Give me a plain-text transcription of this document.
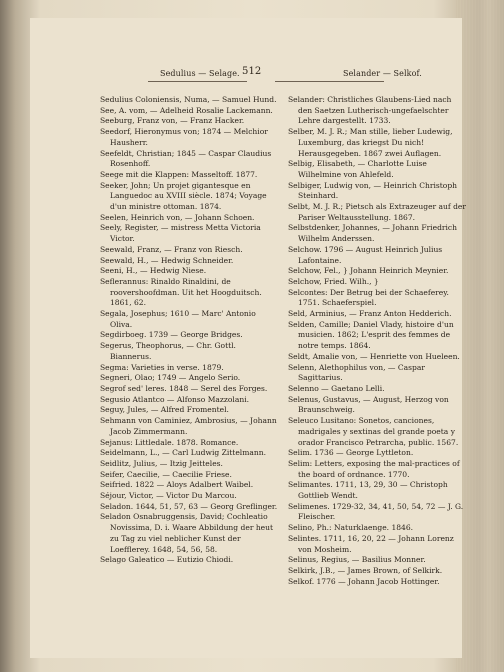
Sedulius — Selage. 512	Selander — Selkof.

Sedulius Coloniensis, Numa, — Samuel Hund.

See, A. vom, — Adelheid Rosalie Lackemann.

Seeburg, Franz von, — Franz Hacker.

Seedorf, Hieronymus von; 1874 — Melchior Hausherr.

Seefeldt, Christian; 1845 — Caspar Claudius Rosenhoff.

Seege mit die Klappen: Masseltoff. 1877.

Seeker, John; Un projet gigantesque en Languedoc au XVIII siècle. 1874; Voyage d'un ministre ottoman. 1874.

Seelen, Heinrich von, — Johann Schoen.

Seely, Register, — mistress Metta Victoria Victor.

Seewald, Franz, — Franz von Riesch.

Seewald, H., — Hedwig Schneider.

Seeni, H., — Hedwig Niese.

Seflerannus: Rinaldo Rinaldini, de roovershoofdman. Uit het Hoogduitsch. 1861, 62.

Segala, Josephus; 1610 — Marc' Antonio Oliva.

Segdirboeg. 1739 — George Bridges.

Segerus, Theophorus, — Chr. Gottl. Biannerus.

Segma: Varieties in verse. 1879.

Segneri, Olao; 1749 — Angelo Serio.

Segrof sed' leres. 1848 — Serel des Forges.

Segusio Atlantco — Alfonso Mazzolani.

Seguy, Jules, — Alfred Fromentel.

Sehmann von Caminiez, Ambrosius, — Johann Jacob Zimmermann.

Sejanus: Littledale. 1878. Romance.

Seidelmann, L., — Carl Ludwig Zittelmann.

Seidlitz, Julius, — Itzig Jeitteles.

Seifer, Caecilie, — Caecilie Friese.

Seifried. 1822 — Aloys Adalbert Waibel.

Séjour, Victor, — Victor Du Marcou.

Seladon. 1644, 51, 57, 63 — Georg Greflinger.

Seladon Osnabruggensis, David; Cochleatio Novissima, D. i. Waare Abbildung der heut zu Tag zu viel neblicher Kunst der Loefflerey. 1648, 54, 56, 58.

Selago Galeatico — Eutizio Chiodi.

Selander: Christliches Glaubens-Lied nach den Saetzen Lutherisch-ungefaelschter Lehre dargestellt. 1733.

Selber, M. J. R.; Man stille, lieber Ludewig, Luxemburg, das kriegst Du nich! Herausgegeben. 1867 zwei Auflagen.

Selbig, Elisabeth, — Charlotte Luise Wilhelmine von Ahlefeld.

Selbiger, Ludwig von, — Heinrich Christoph Steinhard.

Selbt, M. J. R.; Pietsch als Extrazeuger auf der Pariser Weltausstellung. 1867.

Selbstdenker, Johannes, — Johann Friedrich Wilhelm Anderssen.

Selchow. 1796 — August Heinrich Julius Lafontaine.

Selchow, Fel., } Johann Heinrich Meynier.

Selchow, Fried. Wilh., }

Selcontes: Der Betrug bei der Schaeferey. 1751. Schaeferspiel.

Seld, Arminius, — Franz Anton Hedderich.

Selden, Camille; Daniel Vlady, histoire d'un musicien. 1862; L'esprit des femmes de notre temps. 1864.

Seldt, Amalie von, — Henriette von Hueleen.

Selenn, Alethophilus von, — Caspar Sagittarius.

Selenno — Gaetano Lelli.

Selenus, Gustavus, — August, Herzog von Braunschweig.

Seleuco Lusitano: Sonetos, canciones, madrigales y sextinas del grande poeta y orador Francisco Petrarcha, public. 1567.

Selim. 1736 — George Lyttleton.

Selim: Letters, exposing the mal-practices of the board of ordnance. 1770.

Selimantes. 1711, 13, 29, 30 — Christoph Gottlieb Wendt.

Selimenes. 1729-32, 34, 41, 50, 54, 72 — J. G. Fleischer.

Selino, Ph.: Naturklaenge. 1846.

Selintes. 1711, 16, 20, 22 — Johann Lorenz von Mosheim.

Selinus, Regius, — Basilius Monner.

Selkirk, J.B., — James Brown, of Selkirk.

Selkof. 1776 — Johann Jacob Hottinger.
